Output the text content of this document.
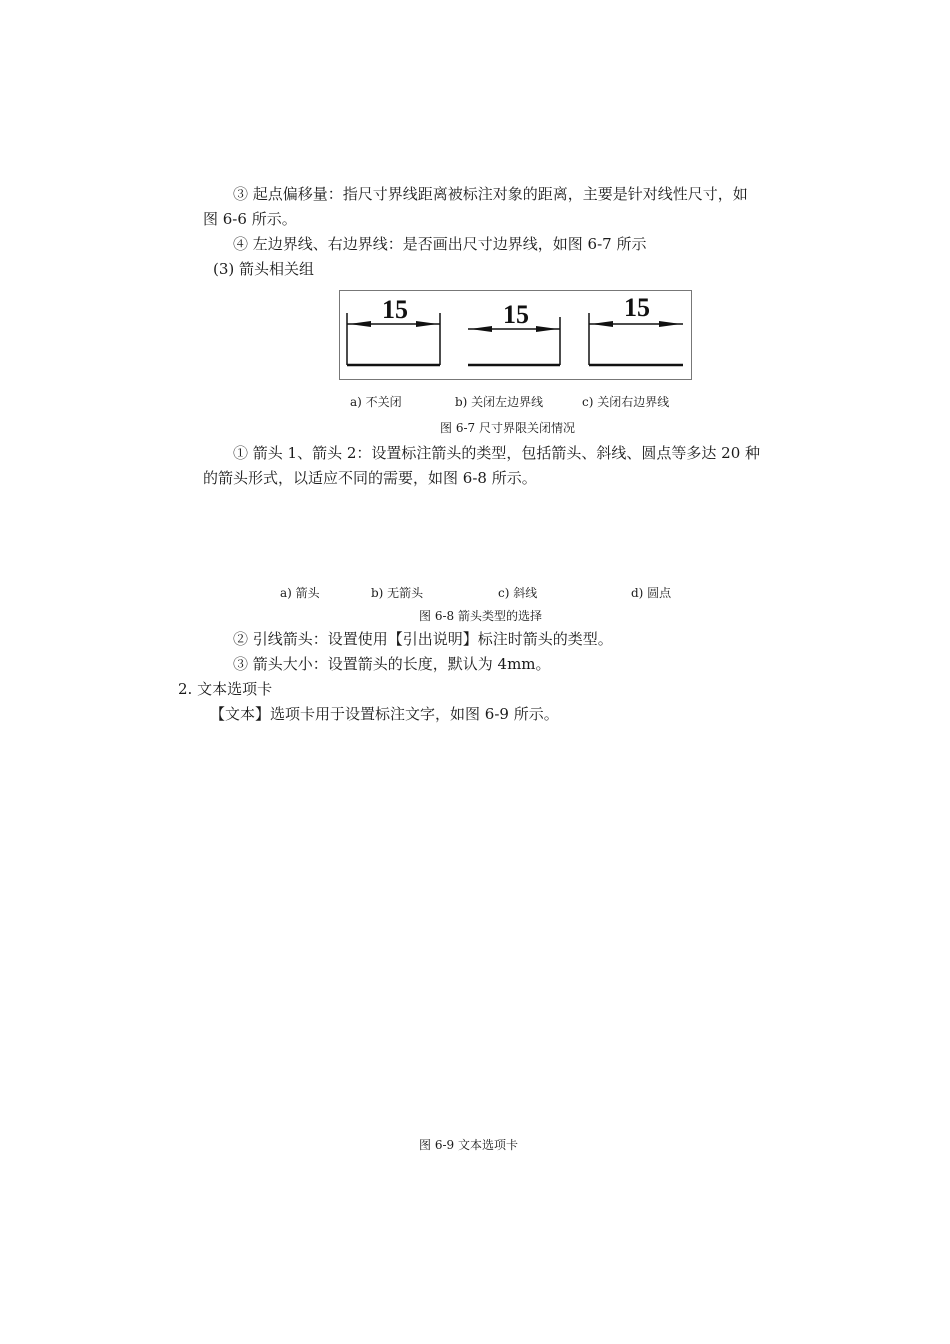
③ 起点偏移量：指尺寸界线距离被标注对象的距离，主要是针对线性尺寸，如
图 6-6 所示。
④ 左边界线、右边界线：是否画出尺寸边界线，如图 6-7 所示
(3) 箭头相关组
15	15	15
a) 不关闭	b) 关闭左边界线	c) 关闭右边界线
图 6-7 尺寸界限关闭情况
① 箭头 1、箭头 2：设置标注箭头的类型，包括箭头、斜线、圆点等多达 20 种
的箭头形式，以适应不同的需要，如图 6-8 所示。
a) 箭头	b) 无箭头	c) 斜线	d) 圆点
图 6-8 箭头类型的选择
② 引线箭头：设置使用【引出说明】标注时箭头的类型。
③ 箭头大小：设置箭头的长度，默认为 4mm。
2. 文本选项卡
【文本】选项卡用于设置标注文字，如图 6-9 所示。
图 6-9 文本选项卡
